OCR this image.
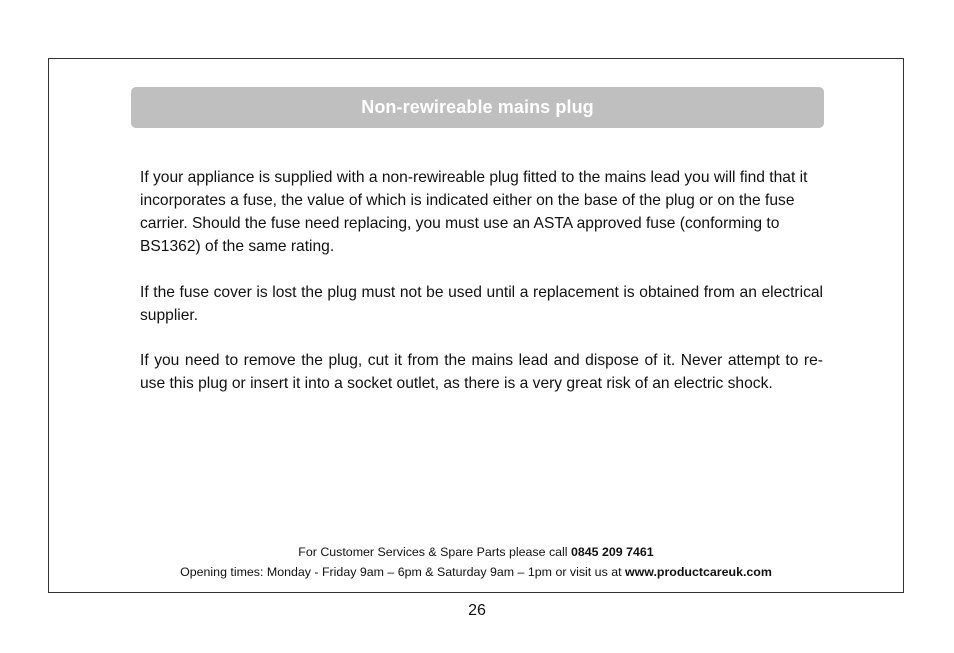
Non-rewireable mains plug

If your appliance is supplied with a non-rewireable plug fitted to the mains lead you will find that it incorporates a fuse, the value of which is indicated either on the base of the plug or on the fuse carrier. Should the fuse need replacing, you must use an ASTA approved fuse (conforming to BS1362) of the same rating.

If the fuse cover is lost the plug must not be used until a replacement is obtained from an electrical supplier.

If you need to remove the plug, cut it from the mains lead and dispose of it. Never attempt to re-use this plug or insert it into a socket outlet, as there is a very great risk of an electric shock.

For Customer Services & Spare Parts please call 0845 209 7461
Opening times: Monday - Friday 9am – 6pm & Saturday 9am – 1pm or visit us at www.productcareuk.com
26
